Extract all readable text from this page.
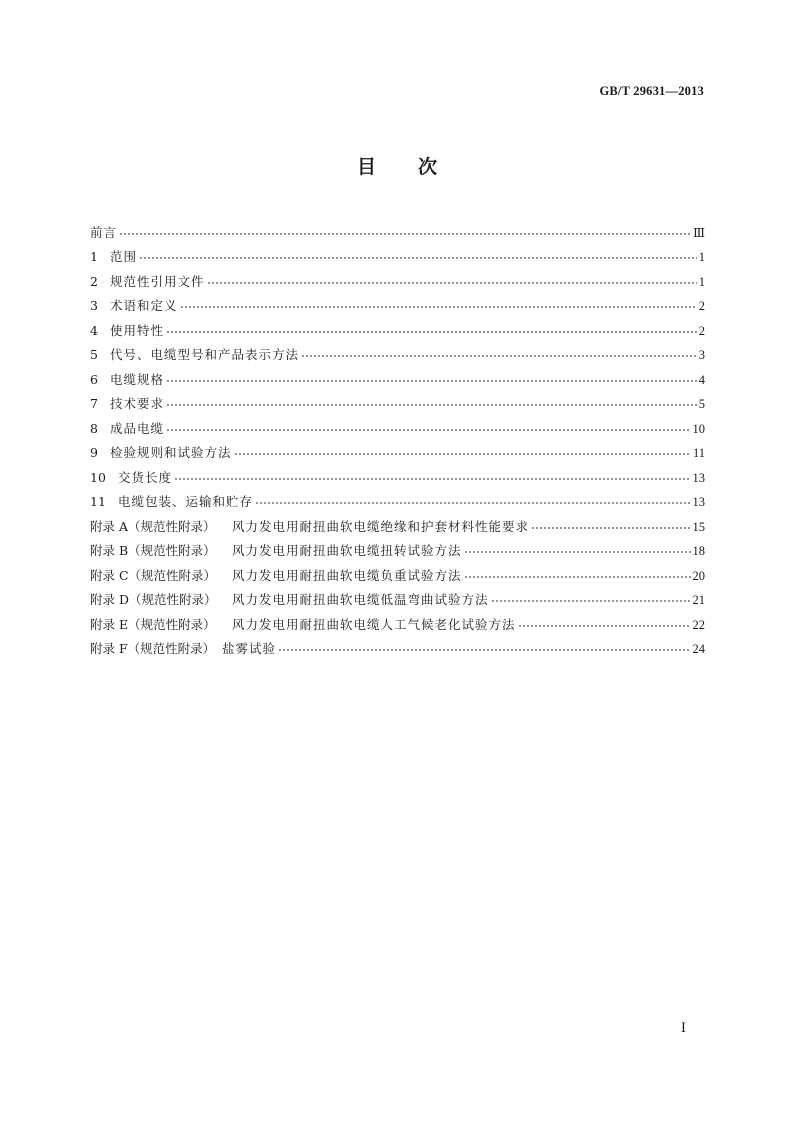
GB/T 29631—2013
目 次
前言	Ⅲ
1 范围	1
2 规范性引用文件	1
3 术语和定义	2
4 使用特性	2
5 代号、电缆型号和产品表示方法	3
6 电缆规格	4
7 技术要求	5
8 成品电缆	10
9 检验规则和试验方法	11
10 交货长度	13
11 电缆包装、运输和贮存	13
附录 A（规范性附录）	风力发电用耐扭曲软电缆绝缘和护套材料性能要求	15
附录 B（规范性附录）	风力发电用耐扭曲软电缆扭转试验方法	18
附录 C（规范性附录）	风力发电用耐扭曲软电缆负重试验方法	20
附录 D（规范性附录）	风力发电用耐扭曲软电缆低温弯曲试验方法	21
附录 E（规范性附录）	风力发电用耐扭曲软电缆人工气候老化试验方法	22
附录 F（规范性附录） 盐雾试验	24
Ⅰ
